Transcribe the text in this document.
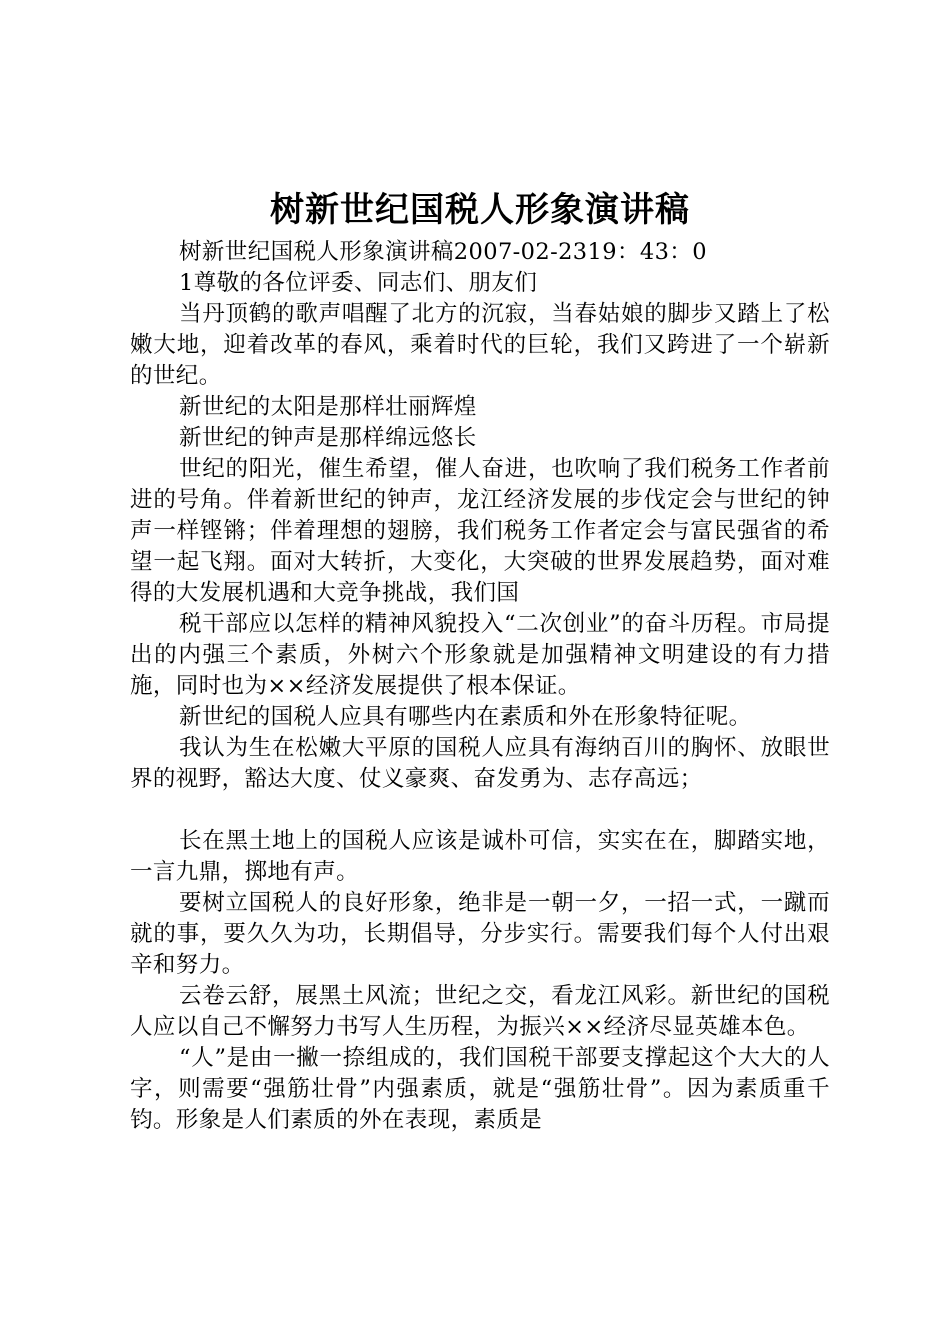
树新世纪国税人形象演讲稿

树新世纪国税人形象演讲稿2007-02-2319：43：0

1尊敬的各位评委、同志们、朋友们

当丹顶鹤的歌声唱醒了北方的沉寂，当春姑娘的脚步又踏上了松嫩大地，迎着改革的春风，乘着时代的巨轮，我们又跨进了一个崭新的世纪。

新世纪的太阳是那样壮丽辉煌

新世纪的钟声是那样绵远悠长

世纪的阳光，催生希望，催人奋进，也吹响了我们税务工作者前进的号角。伴着新世纪的钟声，龙江经济发展的步伐定会与世纪的钟声一样铿锵；伴着理想的翅膀，我们税务工作者定会与富民强省的希望一起飞翔。面对大转折，大变化，大突破的世界发展趋势，面对难得的大发展机遇和大竞争挑战，我们国

税干部应以怎样的精神风貌投入“二次创业”的奋斗历程。市局提出的内强三个素质，外树六个形象就是加强精神文明建设的有力措施，同时也为××经济发展提供了根本保证。

新世纪的国税人应具有哪些内在素质和外在形象特征呢。

我认为生在松嫩大平原的国税人应具有海纳百川的胸怀、放眼世界的视野，豁达大度、仗义豪爽、奋发勇为、志存高远；

长在黑土地上的国税人应该是诚朴可信，实实在在，脚踏实地，一言九鼎，掷地有声。

要树立国税人的良好形象，绝非是一朝一夕，一招一式，一蹴而就的事，要久久为功，长期倡导，分步实行。需要我们每个人付出艰辛和努力。

云卷云舒，展黑土风流；世纪之交，看龙江风彩。新世纪的国税人应以自己不懈努力书写人生历程，为振兴××经济尽显英雄本色。

“人”是由一撇一捺组成的，我们国税干部要支撑起这个大大的人字，则需要“强筋壮骨”内强素质，就是“强筋壮骨”。因为素质重千钧。形象是人们素质的外在表现，素质是
